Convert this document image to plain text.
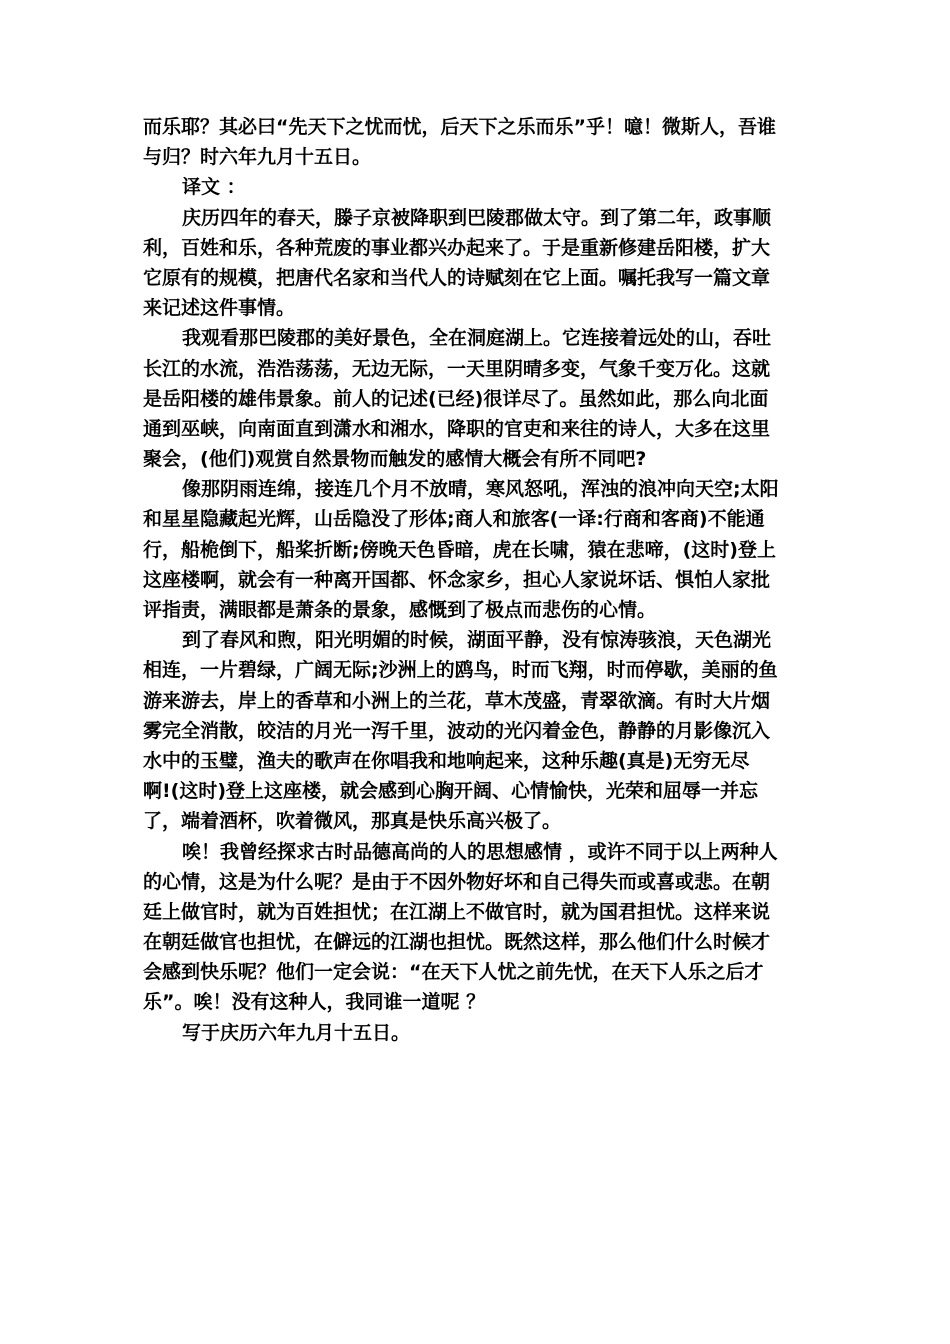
而乐耶？其必曰“先天下之忧而忧，后天下之乐而乐”乎！噫！微斯人，吾谁
与归？时六年九月十五日。
译文 ：
庆历四年的春天，滕子京被降职到巴陵郡做太守。到了第二年，政事顺
利，百姓和乐，各种荒废的事业都兴办起来了。于是重新修建岳阳楼，扩大
它原有的规模，把唐代名家和当代人的诗赋刻在它上面。嘱托我写一篇文章
来记述这件事情。
我观看那巴陵郡的美好景色，全在洞庭湖上。它连接着远处的山，吞吐
长江的水流，浩浩荡荡，无边无际，一天里阴晴多变，气象千变万化。这就
是岳阳楼的雄伟景象。前人的记述(已经)很详尽了。虽然如此，那么向北面
通到巫峡，向南面直到潇水和湘水，降职的官吏和来往的诗人，大多在这里
聚会，(他们)观赏自然景物而触发的感情大概会有所不同吧?
像那阴雨连绵，接连几个月不放晴，寒风怒吼，浑浊的浪冲向天空;太阳
和星星隐藏起光辉，山岳隐没了形体;商人和旅客(一译:行商和客商)不能通
行，船桅倒下，船桨折断;傍晚天色昏暗，虎在长啸，猿在悲啼，(这时)登上
这座楼啊，就会有一种离开国都、怀念家乡，担心人家说坏话、惧怕人家批
评指责，满眼都是萧条的景象，感慨到了极点而悲伤的心情。
到了春风和煦，阳光明媚的时候，湖面平静，没有惊涛骇浪，天色湖光
相连，一片碧绿，广阔无际;沙洲上的鸥鸟，时而飞翔，时而停歇，美丽的鱼
游来游去，岸上的香草和小洲上的兰花，草木茂盛，青翠欲滴。有时大片烟
雾完全消散，皎洁的月光一泻千里，波动的光闪着金色，静静的月影像沉入
水中的玉璧，渔夫的歌声在你唱我和地响起来，这种乐趣(真是)无穷无尽
啊!(这时)登上这座楼，就会感到心胸开阔、心情愉快，光荣和屈辱一并忘
了，端着酒杯，吹着微风，那真是快乐高兴极了。
唉！我曾经探求古时品德高尚的人的思想感情 ，或许不同于以上两种人
的心情，这是为什么呢？是由于不因外物好坏和自己得失而或喜或悲。在朝
廷上做官时，就为百姓担忧；在江湖上不做官时，就为国君担忧。这样来说
在朝廷做官也担忧，在僻远的江湖也担忧。既然这样，那么他们什么时候才
会感到快乐呢？他们一定会说：“在天下人忧之前先忧，在天下人乐之后才
乐”。唉！没有这种人，我同谁一道呢 ？
写于庆历六年九月十五日。
